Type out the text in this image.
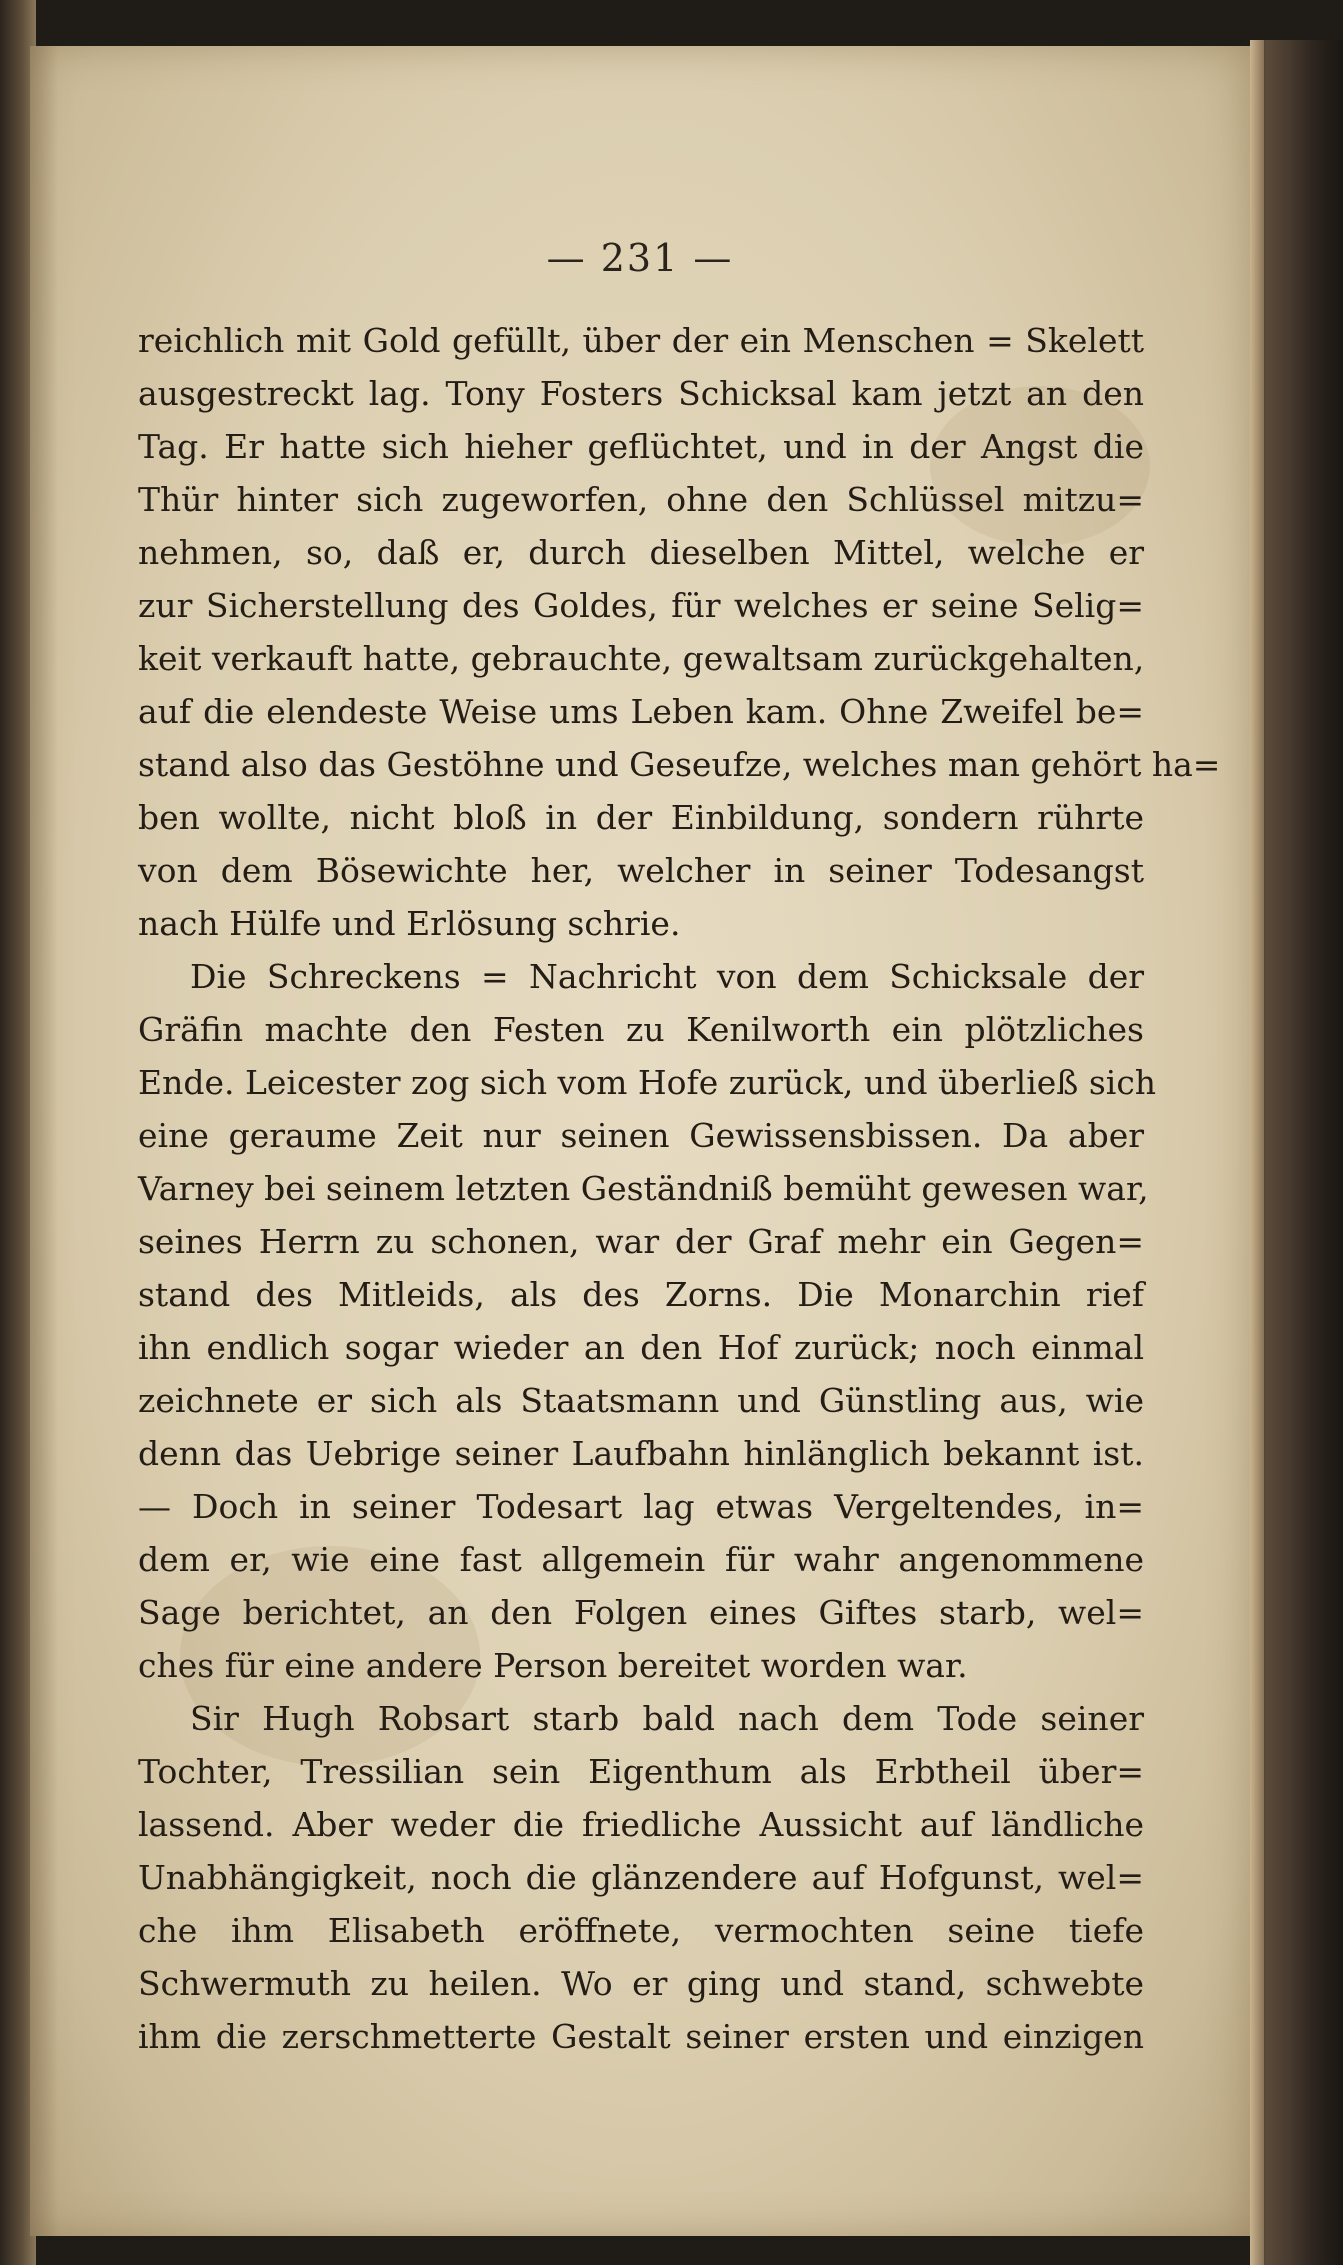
— 231 —
reichlich mit Gold gefüllt, über der ein Menschen = Skelett
ausgestreckt lag. Tony Fosters Schicksal kam jetzt an den
Tag. Er hatte sich hieher geflüchtet, und in der Angst die
Thür hinter sich zugeworfen, ohne den Schlüssel mitzu=
nehmen, so, daß er, durch dieselben Mittel, welche er
zur Sicherstellung des Goldes, für welches er seine Selig=
keit verkauft hatte, gebrauchte, gewaltsam zurückgehalten,
auf die elendeste Weise ums Leben kam. Ohne Zweifel be=
stand also das Gestöhne und Geseufze, welches man gehört ha=
ben wollte, nicht bloß in der Einbildung, sondern rührte
von dem Bösewichte her, welcher in seiner Todesangst
nach Hülfe und Erlösung schrie.
Die Schreckens = Nachricht von dem Schicksale der
Gräfin machte den Festen zu Kenilworth ein plötzliches
Ende. Leicester zog sich vom Hofe zurück, und überließ sich
eine geraume Zeit nur seinen Gewissensbissen. Da aber
Varney bei seinem letzten Geständniß bemüht gewesen war,
seines Herrn zu schonen, war der Graf mehr ein Gegen=
stand des Mitleids, als des Zorns. Die Monarchin rief
ihn endlich sogar wieder an den Hof zurück; noch einmal
zeichnete er sich als Staatsmann und Günstling aus, wie
denn das Uebrige seiner Laufbahn hinlänglich bekannt ist.
— Doch in seiner Todesart lag etwas Vergeltendes, in=
dem er, wie eine fast allgemein für wahr angenommene
Sage berichtet, an den Folgen eines Giftes starb, wel=
ches für eine andere Person bereitet worden war.
Sir Hugh Robsart starb bald nach dem Tode seiner
Tochter, Tressilian sein Eigenthum als Erbtheil über=
lassend. Aber weder die friedliche Aussicht auf ländliche
Unabhängigkeit, noch die glänzendere auf Hofgunst, wel=
che ihm Elisabeth eröffnete, vermochten seine tiefe
Schwermuth zu heilen. Wo er ging und stand, schwebte
ihm die zerschmetterte Gestalt seiner ersten und einzigen
